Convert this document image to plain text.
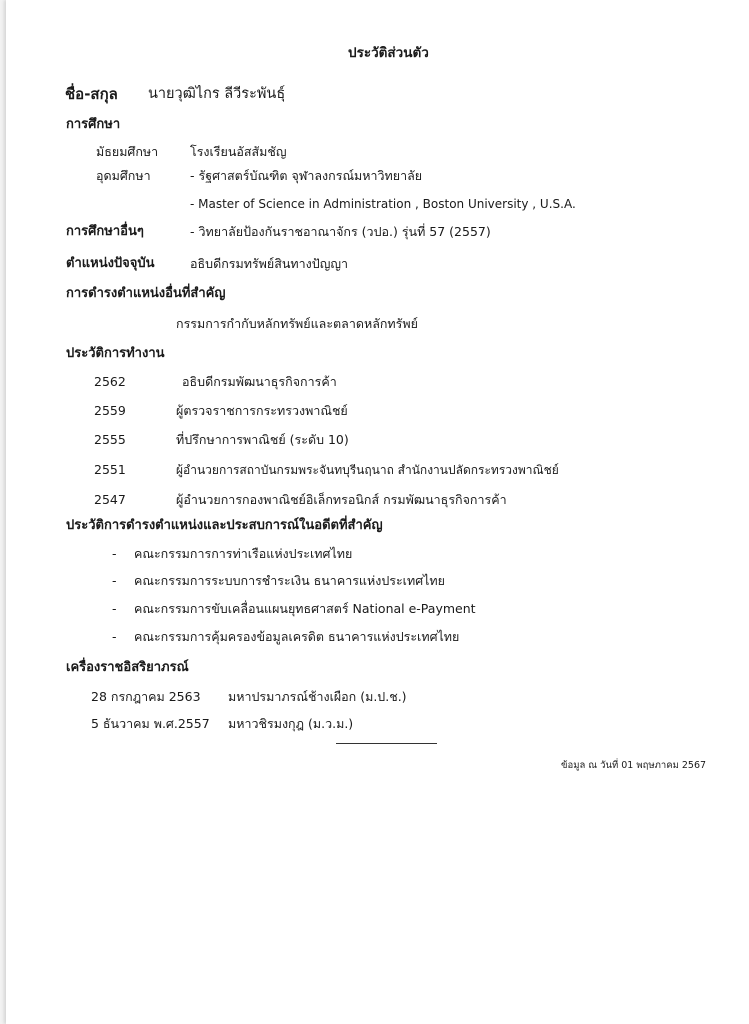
ประวัติส่วนตัว
ชื่อ-สกุล นายวุฒิไกร ลีวีระพันธุ์
การศึกษา
มัธยมศึกษา	โรงเรียนอัสสัมชัญ
อุดมศึกษา	- รัฐศาสตร์บัณฑิต จุฬาลงกรณ์มหาวิทยาลัย
- Master of Science in Administration , Boston University , U.S.A.
การศึกษาอื่นๆ	- วิทยาลัยป้องกันราชอาณาจักร (วปอ.) รุ่นที่ 57 (2557)
ตำแหน่งปัจจุบัน	อธิบดีกรมทรัพย์สินทางปัญญา
การดำรงตำแหน่งอื่นที่สำคัญ
กรรมการกำกับหลักทรัพย์และตลาดหลักทรัพย์
ประวัติการทำงาน
2562	อธิบดีกรมพัฒนาธุรกิจการค้า
2559	ผู้ตรวจราชการกระทรวงพาณิชย์
2555	ที่ปรึกษาการพาณิชย์ (ระดับ 10)
2551	ผู้อำนวยการสถาบันกรมพระจันทบุรีนฤนาถ สำนักงานปลัดกระทรวงพาณิชย์
2547	ผู้อำนวยการกองพาณิชย์อิเล็กทรอนิกส์ กรมพัฒนาธุรกิจการค้า
ประวัติการดำรงตำแหน่งและประสบการณ์ในอดีตที่สำคัญ
- คณะกรรมการการท่าเรือแห่งประเทศไทย
- คณะกรรมการระบบการชำระเงิน ธนาคารแห่งประเทศไทย
- คณะกรรมการขับเคลื่อนแผนยุทธศาสตร์ National e-Payment
- คณะกรรมการคุ้มครองข้อมูลเครดิต ธนาคารแห่งประเทศไทย
เครื่องราชอิสริยาภรณ์
28 กรกฎาคม 2563 มหาปรมาภรณ์ช้างเผือก (ม.ป.ช.)
5 ธันวาคม พ.ศ.2557 มหาวชิรมงกุฎ (ม.ว.ม.)
ข้อมูล ณ วันที่ 01 พฤษภาคม 2567
